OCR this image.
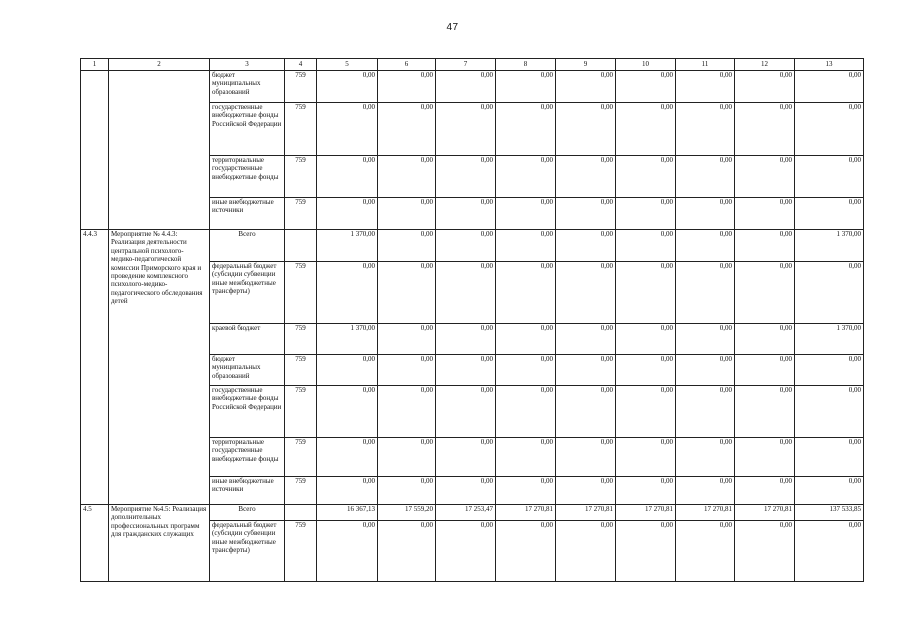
47
1	2	3	4	5	6	7	8	9	10	11	12	13
		бюджет муниципальных образований	759	0,00	0,00	0,00	0,00	0,00	0,00	0,00	0,00	0,00
		государственные внебюджетные фонды Российской Федерации	759	0,00	0,00	0,00	0,00	0,00	0,00	0,00	0,00	0,00
		территориальные государственные внебюджетные фонды	759	0,00	0,00	0,00	0,00	0,00	0,00	0,00	0,00	0,00
		иные внебюджетные источники	759	0,00	0,00	0,00	0,00	0,00	0,00	0,00	0,00	0,00
4.4.3	Мероприятие № 4.4.3: Реализация деятельности центральной психолого-медико-педагогической комиссии Приморского края и проведение комплексного психолого-медико-педагогического обследования детей	Всего		1 370,00	0,00	0,00	0,00	0,00	0,00	0,00	0,00	1 370,00
		федеральный бюджет (субсидии субвенции иные межбюджетные трансферты)	759	0,00	0,00	0,00	0,00	0,00	0,00	0,00	0,00	0,00
		краевой бюджет	759	1 370,00	0,00	0,00	0,00	0,00	0,00	0,00	0,00	1 370,00
		бюджет муниципальных образований	759	0,00	0,00	0,00	0,00	0,00	0,00	0,00	0,00	0,00
		государственные внебюджетные фонды Российской Федерации	759	0,00	0,00	0,00	0,00	0,00	0,00	0,00	0,00	0,00
		территориальные государственные внебюджетные фонды	759	0,00	0,00	0,00	0,00	0,00	0,00	0,00	0,00	0,00
		иные внебюджетные источники	759	0,00	0,00	0,00	0,00	0,00	0,00	0,00	0,00	0,00
4.5	Мероприятие №4.5: Реализация дополнительных профессиональных программ для гражданских служащих	Всего		16 367,13	17 559,20	17 253,47	17 270,81	17 270,81	17 270,81	17 270,81	17 270,81	137 533,85
		федеральный бюджет (субсидии субвенции иные межбюджетные трансферты)	759	0,00	0,00	0,00	0,00	0,00	0,00	0,00	0,00	0,00
